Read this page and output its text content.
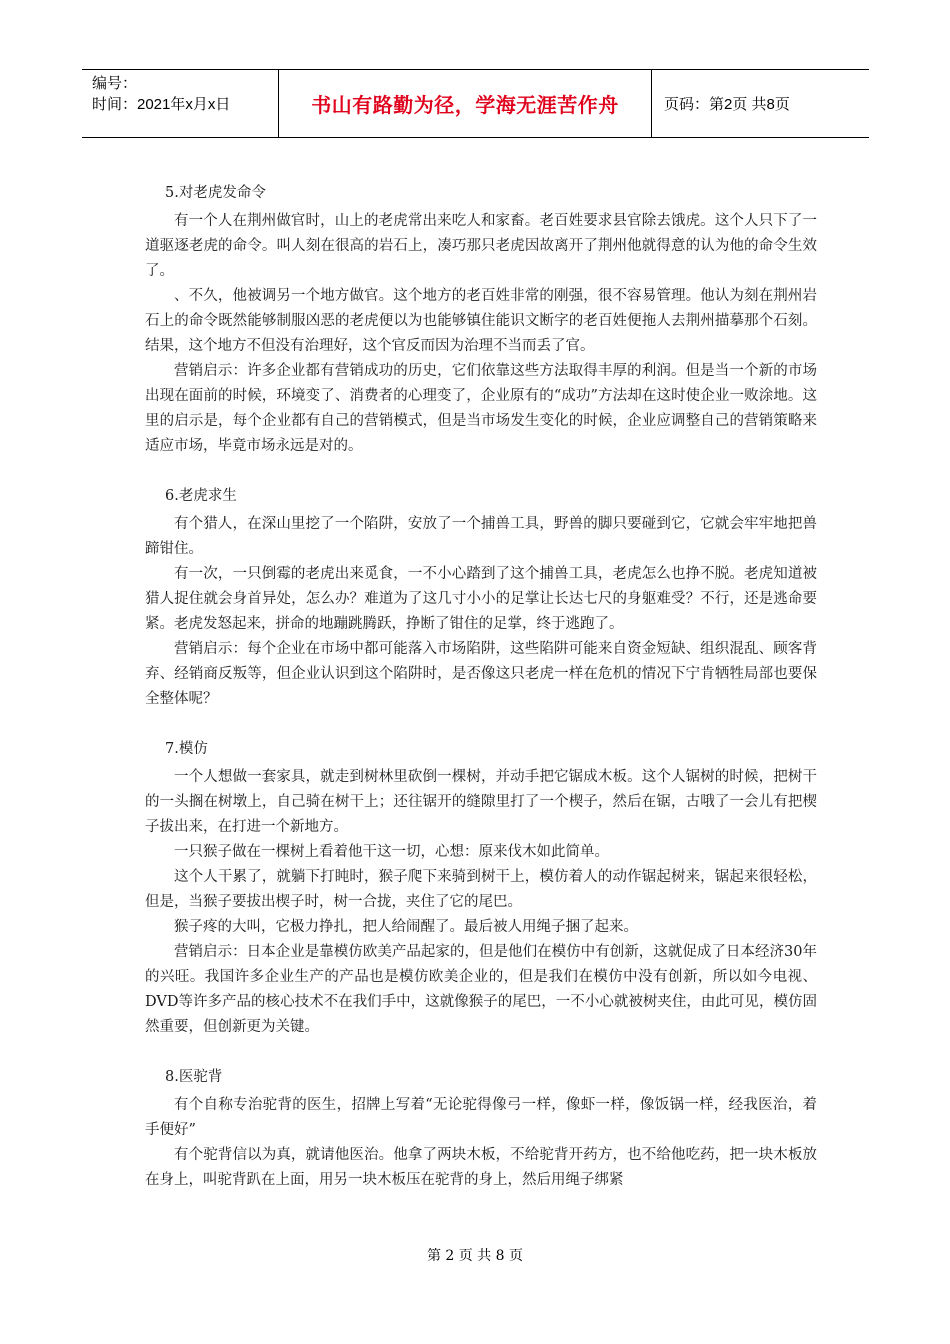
编号：
时间：2021年x月x日	书山有路勤为径，学海无涯苦作舟	页码：第2页 共8页

5.对老虎发命令

有一个人在荆州做官时，山上的老虎常出来吃人和家畜。老百姓要求县官除去饿虎。这个人只下了一道驱逐老虎的命令。叫人刻在很高的岩石上，凑巧那只老虎因故离开了荆州他就得意的认为他的命令生效了。

、不久，他被调另一个地方做官。这个地方的老百姓非常的刚强，很不容易管理。他认为刻在荆州岩石上的命令既然能够制服凶恶的老虎便以为也能够镇住能识文断字的老百姓便拖人去荆州描摹那个石刻。结果，这个地方不但没有治理好，这个官反而因为治理不当而丢了官。

营销启示：许多企业都有营销成功的历史，它们依靠这些方法取得丰厚的利润。但是当一个新的市场出现在面前的时候，环境变了、消费者的心理变了，企业原有的“成功”方法却在这时使企业一败涂地。这里的启示是，每个企业都有自己的营销模式，但是当市场发生变化的时候，企业应调整自己的营销策略来适应市场，毕竟市场永远是对的。

6.老虎求生

有个猎人，在深山里挖了一个陷阱，安放了一个捕兽工具，野兽的脚只要碰到它，它就会牢牢地把兽蹄钳住。

有一次，一只倒霉的老虎出来觅食，一不小心踏到了这个捕兽工具，老虎怎么也挣不脱。老虎知道被猎人捉住就会身首异处，怎么办？难道为了这几寸小小的足掌让长达七尺的身躯难受？不行，还是逃命要紧。老虎发怒起来，拼命的地蹦跳腾跃，挣断了钳住的足掌，终于逃跑了。

营销启示：每个企业在市场中都可能落入市场陷阱，这些陷阱可能来自资金短缺、组织混乱、顾客背弃、经销商反叛等，但企业认识到这个陷阱时，是否像这只老虎一样在危机的情况下宁肯牺牲局部也要保全整体呢？

7.模仿

一个人想做一套家具，就走到树林里砍倒一棵树，并动手把它锯成木板。这个人锯树的时候，把树干的一头搁在树墩上，自己骑在树干上；还往锯开的缝隙里打了一个楔子，然后在锯，古哦了一会儿有把楔子拔出来，在打进一个新地方。

一只猴子做在一棵树上看着他干这一切，心想：原来伐木如此简单。

这个人干累了，就躺下打盹时，猴子爬下来骑到树干上，模仿着人的动作锯起树来，锯起来很轻松，但是，当猴子要拔出楔子时，树一合拢，夹住了它的尾巴。

猴子疼的大叫，它极力挣扎，把人给闹醒了。最后被人用绳子捆了起来。

营销启示：日本企业是靠模仿欧美产品起家的，但是他们在模仿中有创新，这就促成了日本经济30年的兴旺。我国许多企业生产的产品也是模仿欧美企业的，但是我们在模仿中没有创新，所以如今电视、DVD等许多产品的核心技术不在我们手中，这就像猴子的尾巴，一不小心就被树夹住，由此可见，模仿固然重要，但创新更为关键。

8.医驼背

有个自称专治驼背的医生，招牌上写着“无论驼得像弓一样，像虾一样，像饭锅一样，经我医治，着手便好”

有个驼背信以为真，就请他医治。他拿了两块木板，不给驼背开药方，也不给他吃药，把一块木板放在身上，叫驼背趴在上面，用另一块木板压在驼背的身上，然后用绳子绑紧

第 2 页 共 8 页
